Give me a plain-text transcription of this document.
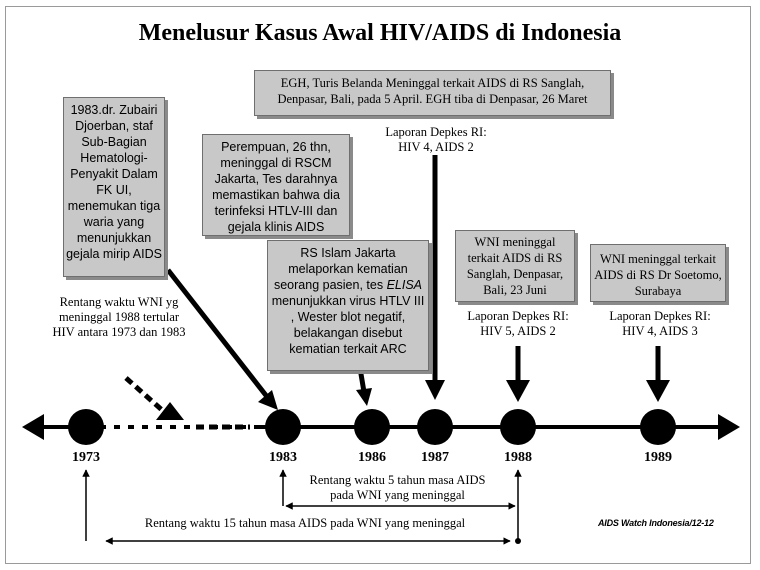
Menelusur Kasus Awal HIV/AIDS di Indonesia
EGH, Turis Belanda Meninggal terkait AIDS di RS Sanglah, Denpasar, Bali, pada 5 April. EGH tiba di Denpasar, 26 Maret
1983.dr. Zubairi Djoerban, staf Sub-Bagian Hematologi-Penyakit Dalam FK UI, menemukan tiga waria yang menunjukkan gejala mirip AIDS
Perempuan, 26 thn, meninggal di RSCM Jakarta, Tes darahnya memastikan bahwa dia terinfeksi HTLV-III dan gejala klinis AIDS
RS Islam Jakarta melaporkan kematian seorang pasien, tes ELISA menunjukkan virus HTLV III , Wester blot negatif, belakangan disebut kematian terkait ARC
WNI meninggal terkait AIDS di RS Sanglah, Denpasar, Bali, 23 Juni
WNI meninggal terkait AIDS di RS Dr Soetomo, Surabaya
Laporan Depkes RI: HIV 4, AIDS 2
Laporan Depkes RI: HIV 5, AIDS 2
Laporan Depkes RI: HIV 4, AIDS 3
Rentang waktu WNI yg meninggal 1988 tertular HIV antara 1973 dan 1983
1973	1983	1986	1987	1988	1989
Rentang waktu 5 tahun masa AIDS pada WNI yang meninggal
Rentang waktu 15 tahun masa AIDS pada WNI yang meninggal	AIDS Watch Indonesia/12-12
